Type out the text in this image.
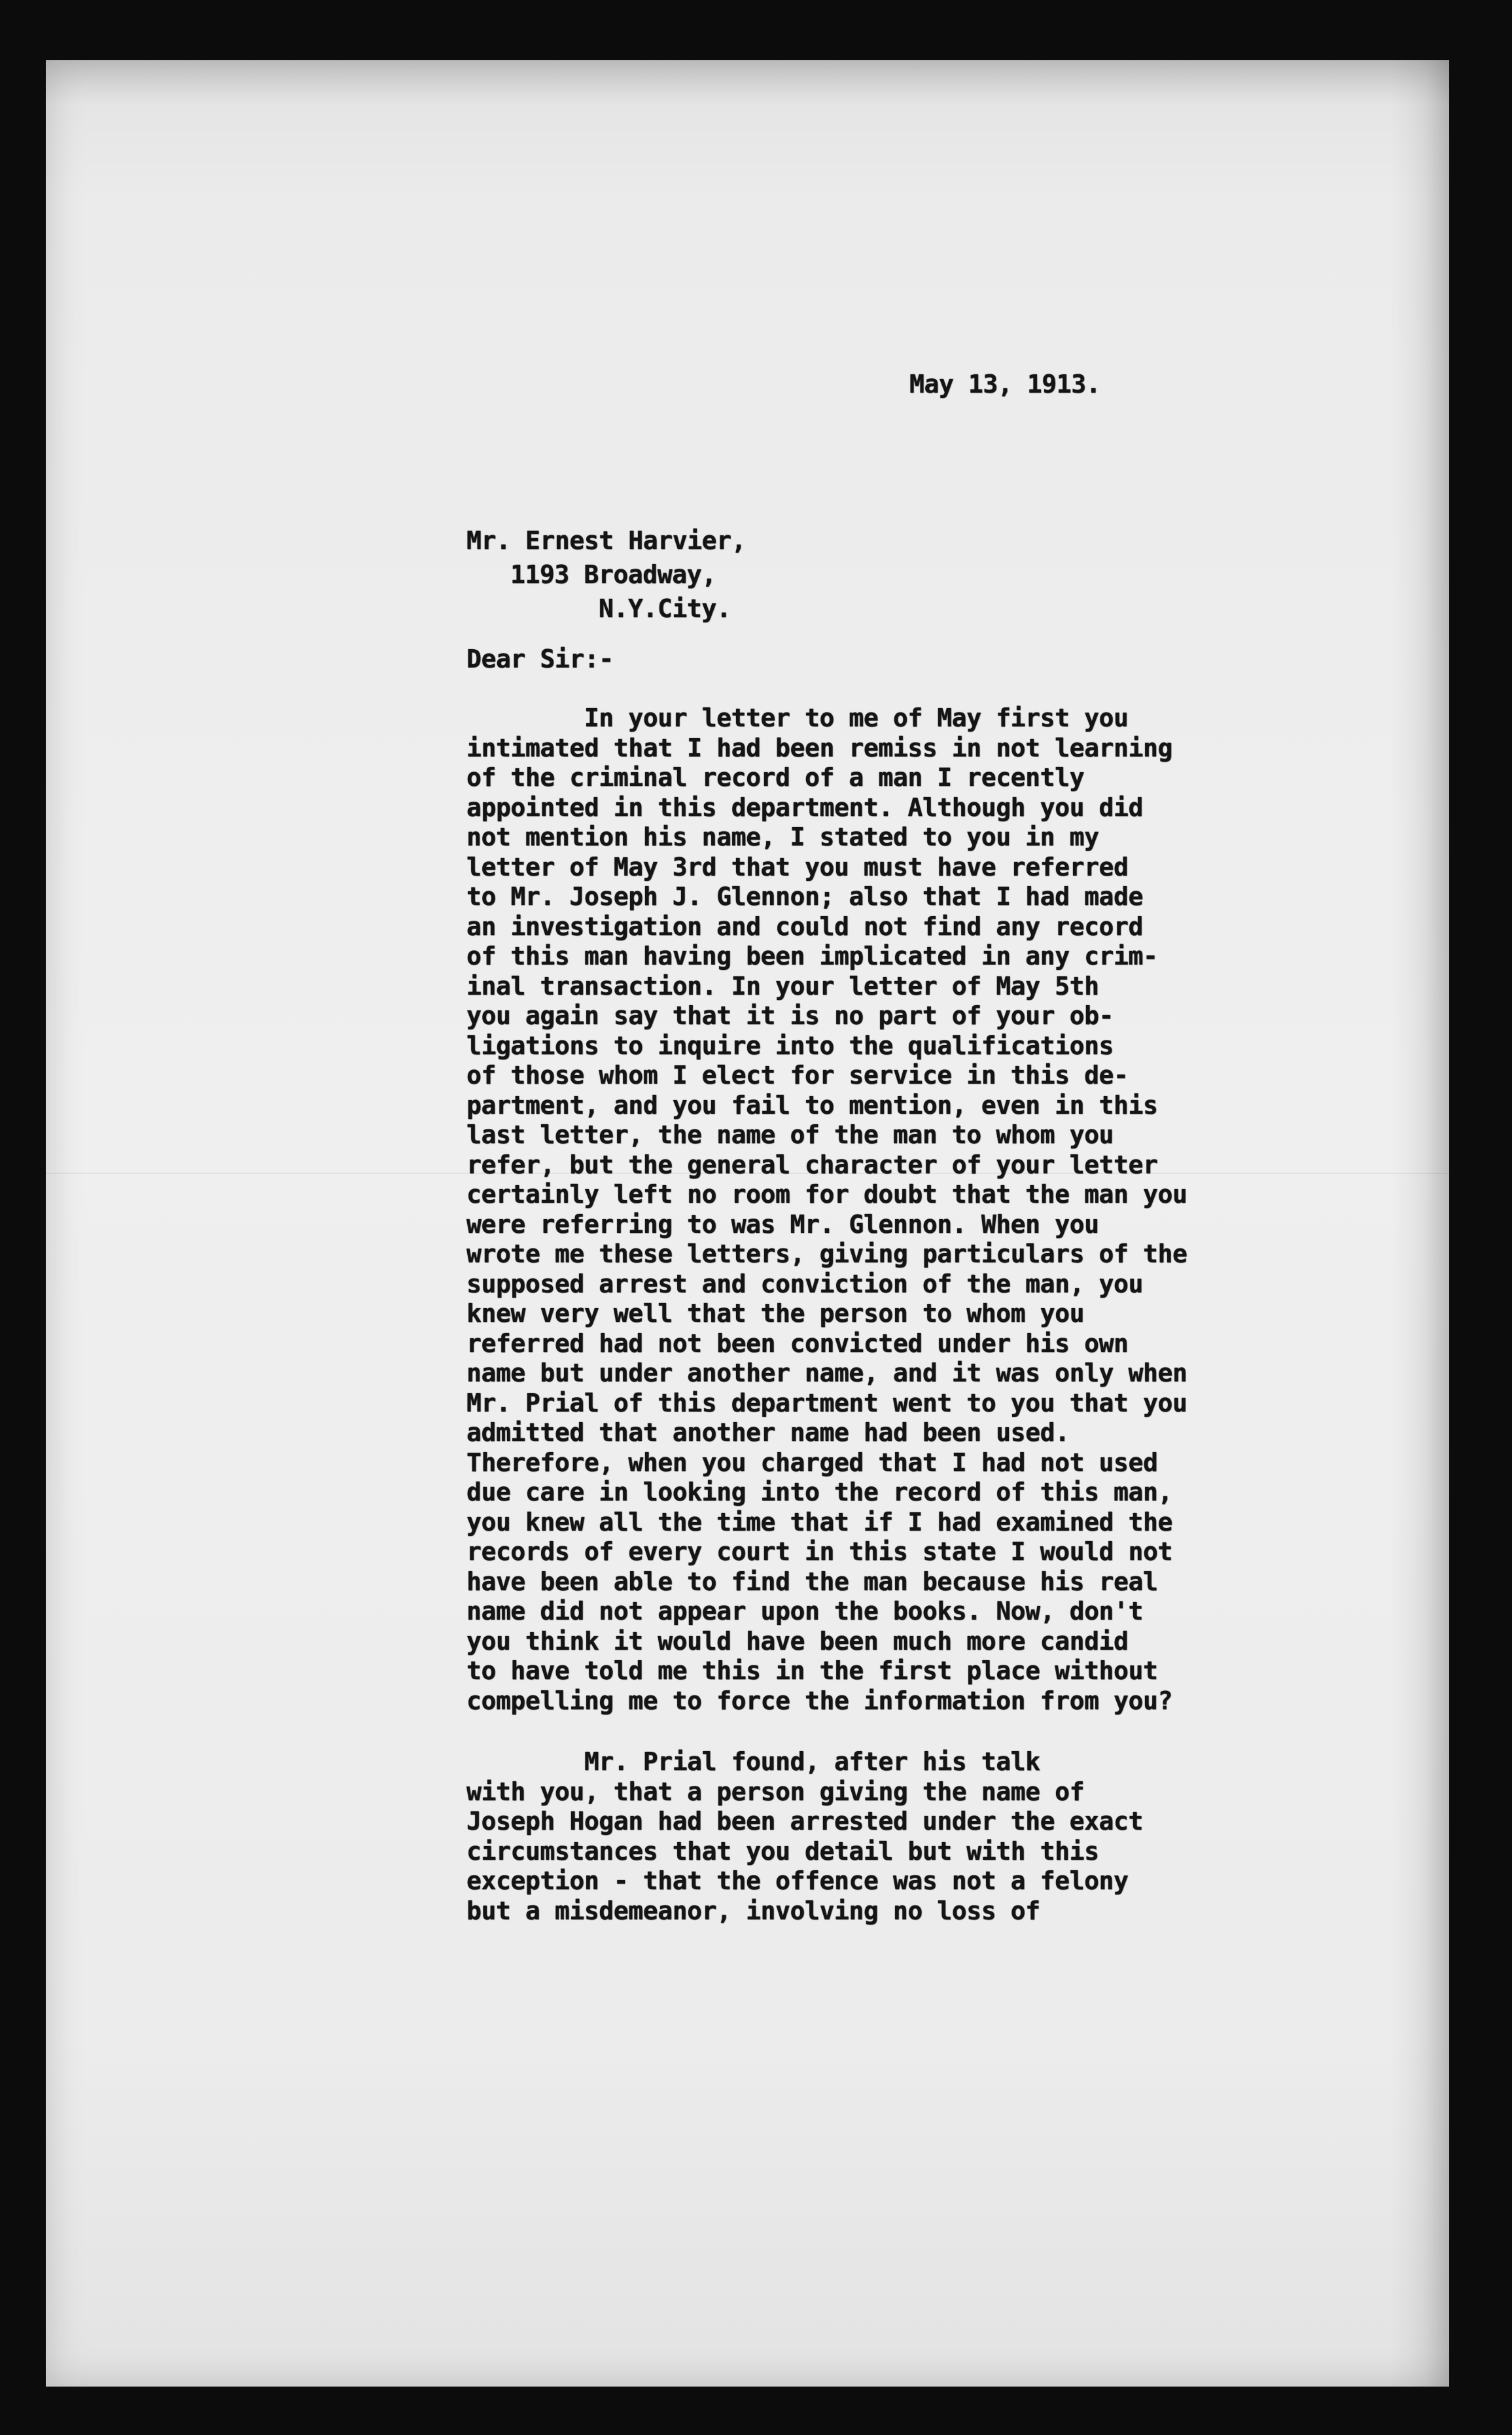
May 13, 1913.
Mr. Ernest Harvier,
1193 Broadway,
N.Y.City.
Dear Sir:-
In your letter to me of May first you
intimated that I had been remiss in not learning
of the criminal record of a man I recently
appointed in this department. Although you did
not mention his name, I stated to you in my
letter of May 3rd that you must have referred
to Mr. Joseph J. Glennon; also that I had made
an investigation and could not find any record
of this man having been implicated in any crim-
inal transaction. In your letter of May 5th
you again say that it is no part of your ob-
ligations to inquire into the qualifications
of those whom I elect for service in this de-
partment, and you fail to mention, even in this
last letter, the name of the man to whom you
refer, but the general character of your letter
certainly left no room for doubt that the man you
were referring to was Mr. Glennon. When you
wrote me these letters, giving particulars of the
supposed arrest and conviction of the man, you
knew very well that the person to whom you
referred had not been convicted under his own
name but under another name, and it was only when
Mr. Prial of this department went to you that you
admitted that another name had been used.
Therefore, when you charged that I had not used
due care in looking into the record of this man,
you knew all the time that if I had examined the
records of every court in this state I would not
have been able to find the man because his real
name did not appear upon the books. Now, don't
you think it would have been much more candid
to have told me this in the first place without
compelling me to force the information from you?
Mr. Prial found, after his talk
with you, that a person giving the name of
Joseph Hogan had been arrested under the exact
circumstances that you detail but with this
exception - that the offence was not a felony
but a misdemeanor, involving no loss of
